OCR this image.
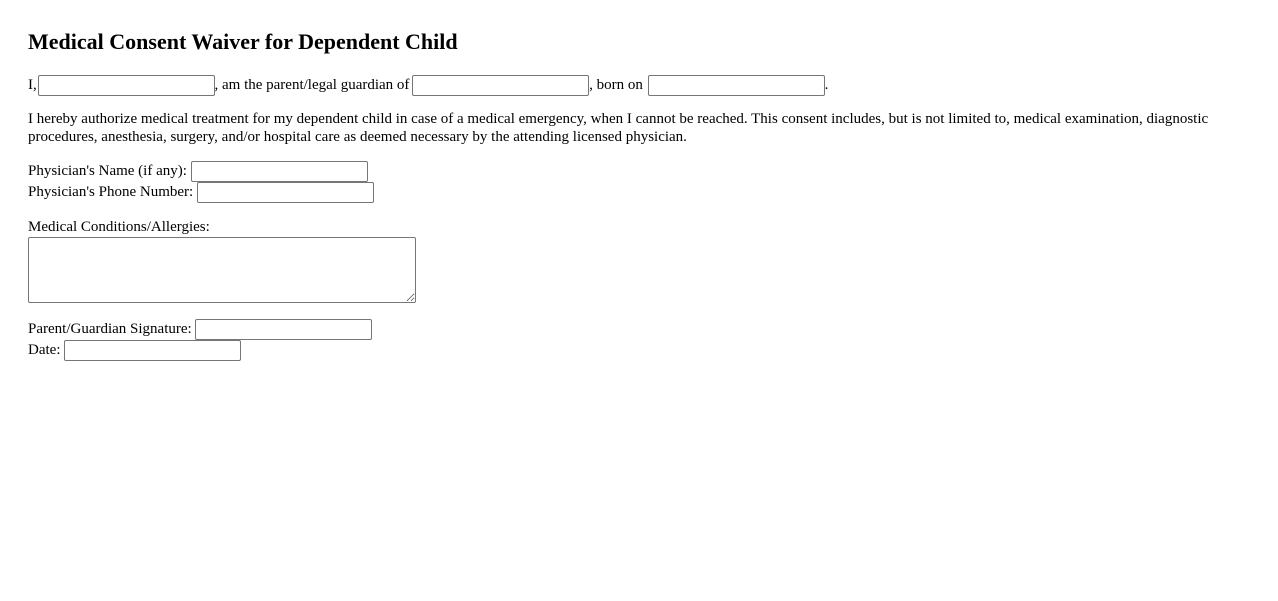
Medical Consent Waiver for Dependent Child
I,	, am the parent/legal guardian of	, born on	.
I hereby authorize medical treatment for my dependent child in case of a medical emergency, when I cannot be reached. This consent includes, but is not limited to, medical examination, diagnostic procedures, anesthesia, surgery, and/or hospital care as deemed necessary by the attending licensed physician.
Physician's Name (if any):
Physician's Phone Number:
Medical Conditions/Allergies:
Parent/Guardian Signature:
Date:
